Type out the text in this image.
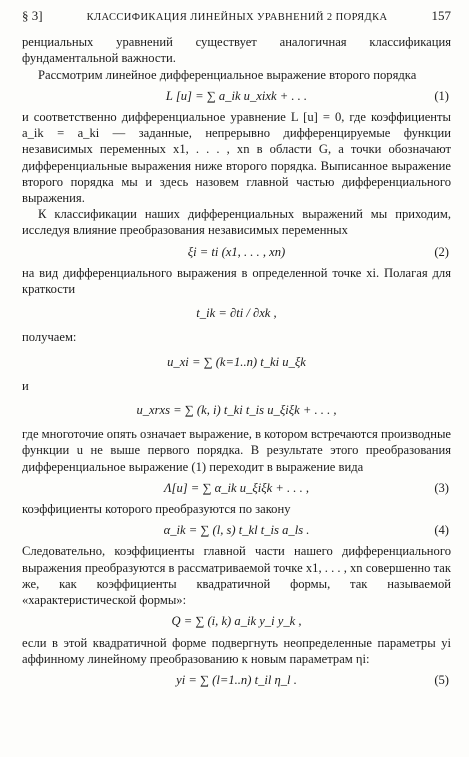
§ 3]	КЛАССИФИКАЦИЯ ЛИНЕЙНЫХ УРАВНЕНИЙ 2 ПОРЯДКА	157

ренциальных уравнений существует аналогичная классификация фундаментальной важности.

Рассмотрим линейное дифференциальное выражение второго порядка

L [u] = ∑ a_ik u_xixk + . . .	(1)

и соответственно дифференциальное уравнение L [u] = 0, где коэффициенты a_ik = a_ki — заданные, непрерывно дифференцируемые функции независимых переменных x1, . . . , xn в области G, а точки обозначают дифференциальные выражения ниже второго порядка. Выписанное выражение второго порядка мы и здесь назовем главной частью дифференциального выражения.

К классификации наших дифференциальных выражений мы приходим, исследуя влияние преобразования независимых переменных

ξi = ti (x1, . . . , xn)	(2)

на вид дифференциального выражения в определенной точке xi. Полагая для краткости

t_ik = ∂ti / ∂xk ,

получаем:

u_xi = ∑ (k=1..n) t_ki u_ξk

и

u_xrxs = ∑ (k, i) t_ki t_is u_ξiξk + . . . ,

где многоточие опять означает выражение, в котором встречаются производные функции u не выше первого порядка. В результате этого преобразования дифференциальное выражение (1) переходит в выражение вида

Λ[u] = ∑ α_ik u_ξiξk + . . . ,	(3)

коэффициенты которого преобразуются по закону

α_ik = ∑ (l, s) t_kl t_is a_ls .	(4)

Следовательно, коэффициенты главной части нашего дифференциального выражения преобразуются в рассматриваемой точке x1, . . . , xn совершенно так же, как коэффициенты квадратичной формы, так называемой «характеристической формы»:

Q = ∑ (i, k) a_ik y_i y_k ,

если в этой квадратичной форме подвергнуть неопределенные параметры yi аффинному линейному преобразованию к новым параметрам ηi:

yi = ∑ (l=1..n) t_il η_l .	(5)
